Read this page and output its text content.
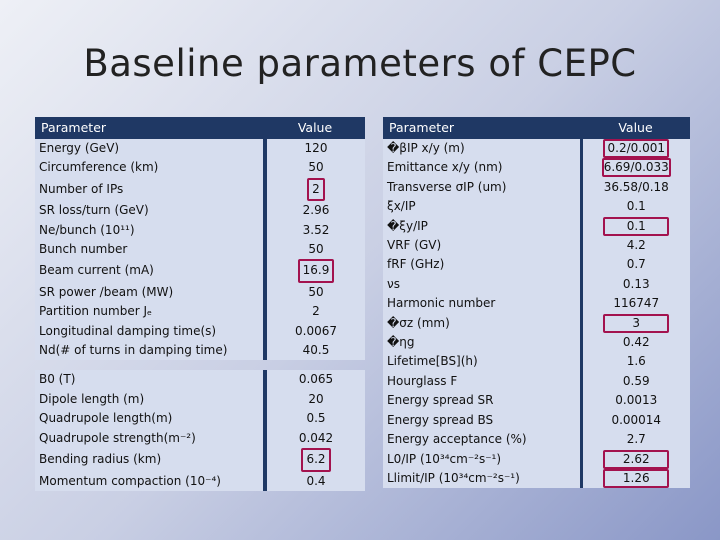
Baseline parameters of CEPC
Parameter	Value
Energy (GeV)	120
Circumference (km)	50
Number of IPs	2
SR loss/turn (GeV)	2.96
Ne/bunch (10¹¹)	3.52
Bunch number	50
Beam current (mA)	16.9
SR power /beam (MW)	50
Partition number Jₑ	2
Longitudinal damping time(s)	0.0067
Nd(# of turns in damping time)	40.5

B0 (T)	0.065
Dipole length (m)	20
Quadrupole length(m)	0.5
Quadrupole strength(m⁻²)	0.042
Bending radius (km)	6.2
Momentum compaction (10⁻⁴)	0.4
Parameter	Value
�βIP x/y (m)	0.2/0.001
Emittance x/y (nm)	6.69/0.033
Transverse σIP (um)	36.58/0.18
ξx/IP	0.1
�ξy/IP	0.1
VRF (GV)	4.2
fRF (GHz)	0.7
νs	0.13
Harmonic number	116747
�σz (mm)	3
�ηg	0.42
Lifetime[BS](h)	1.6
Hourglass F	0.59
Energy spread SR	0.0013
Energy spread BS	0.00014
Energy acceptance (%)	2.7
L0/IP (10³⁴cm⁻²s⁻¹)	2.62
Llimit/IP (10³⁴cm⁻²s⁻¹)	1.26
